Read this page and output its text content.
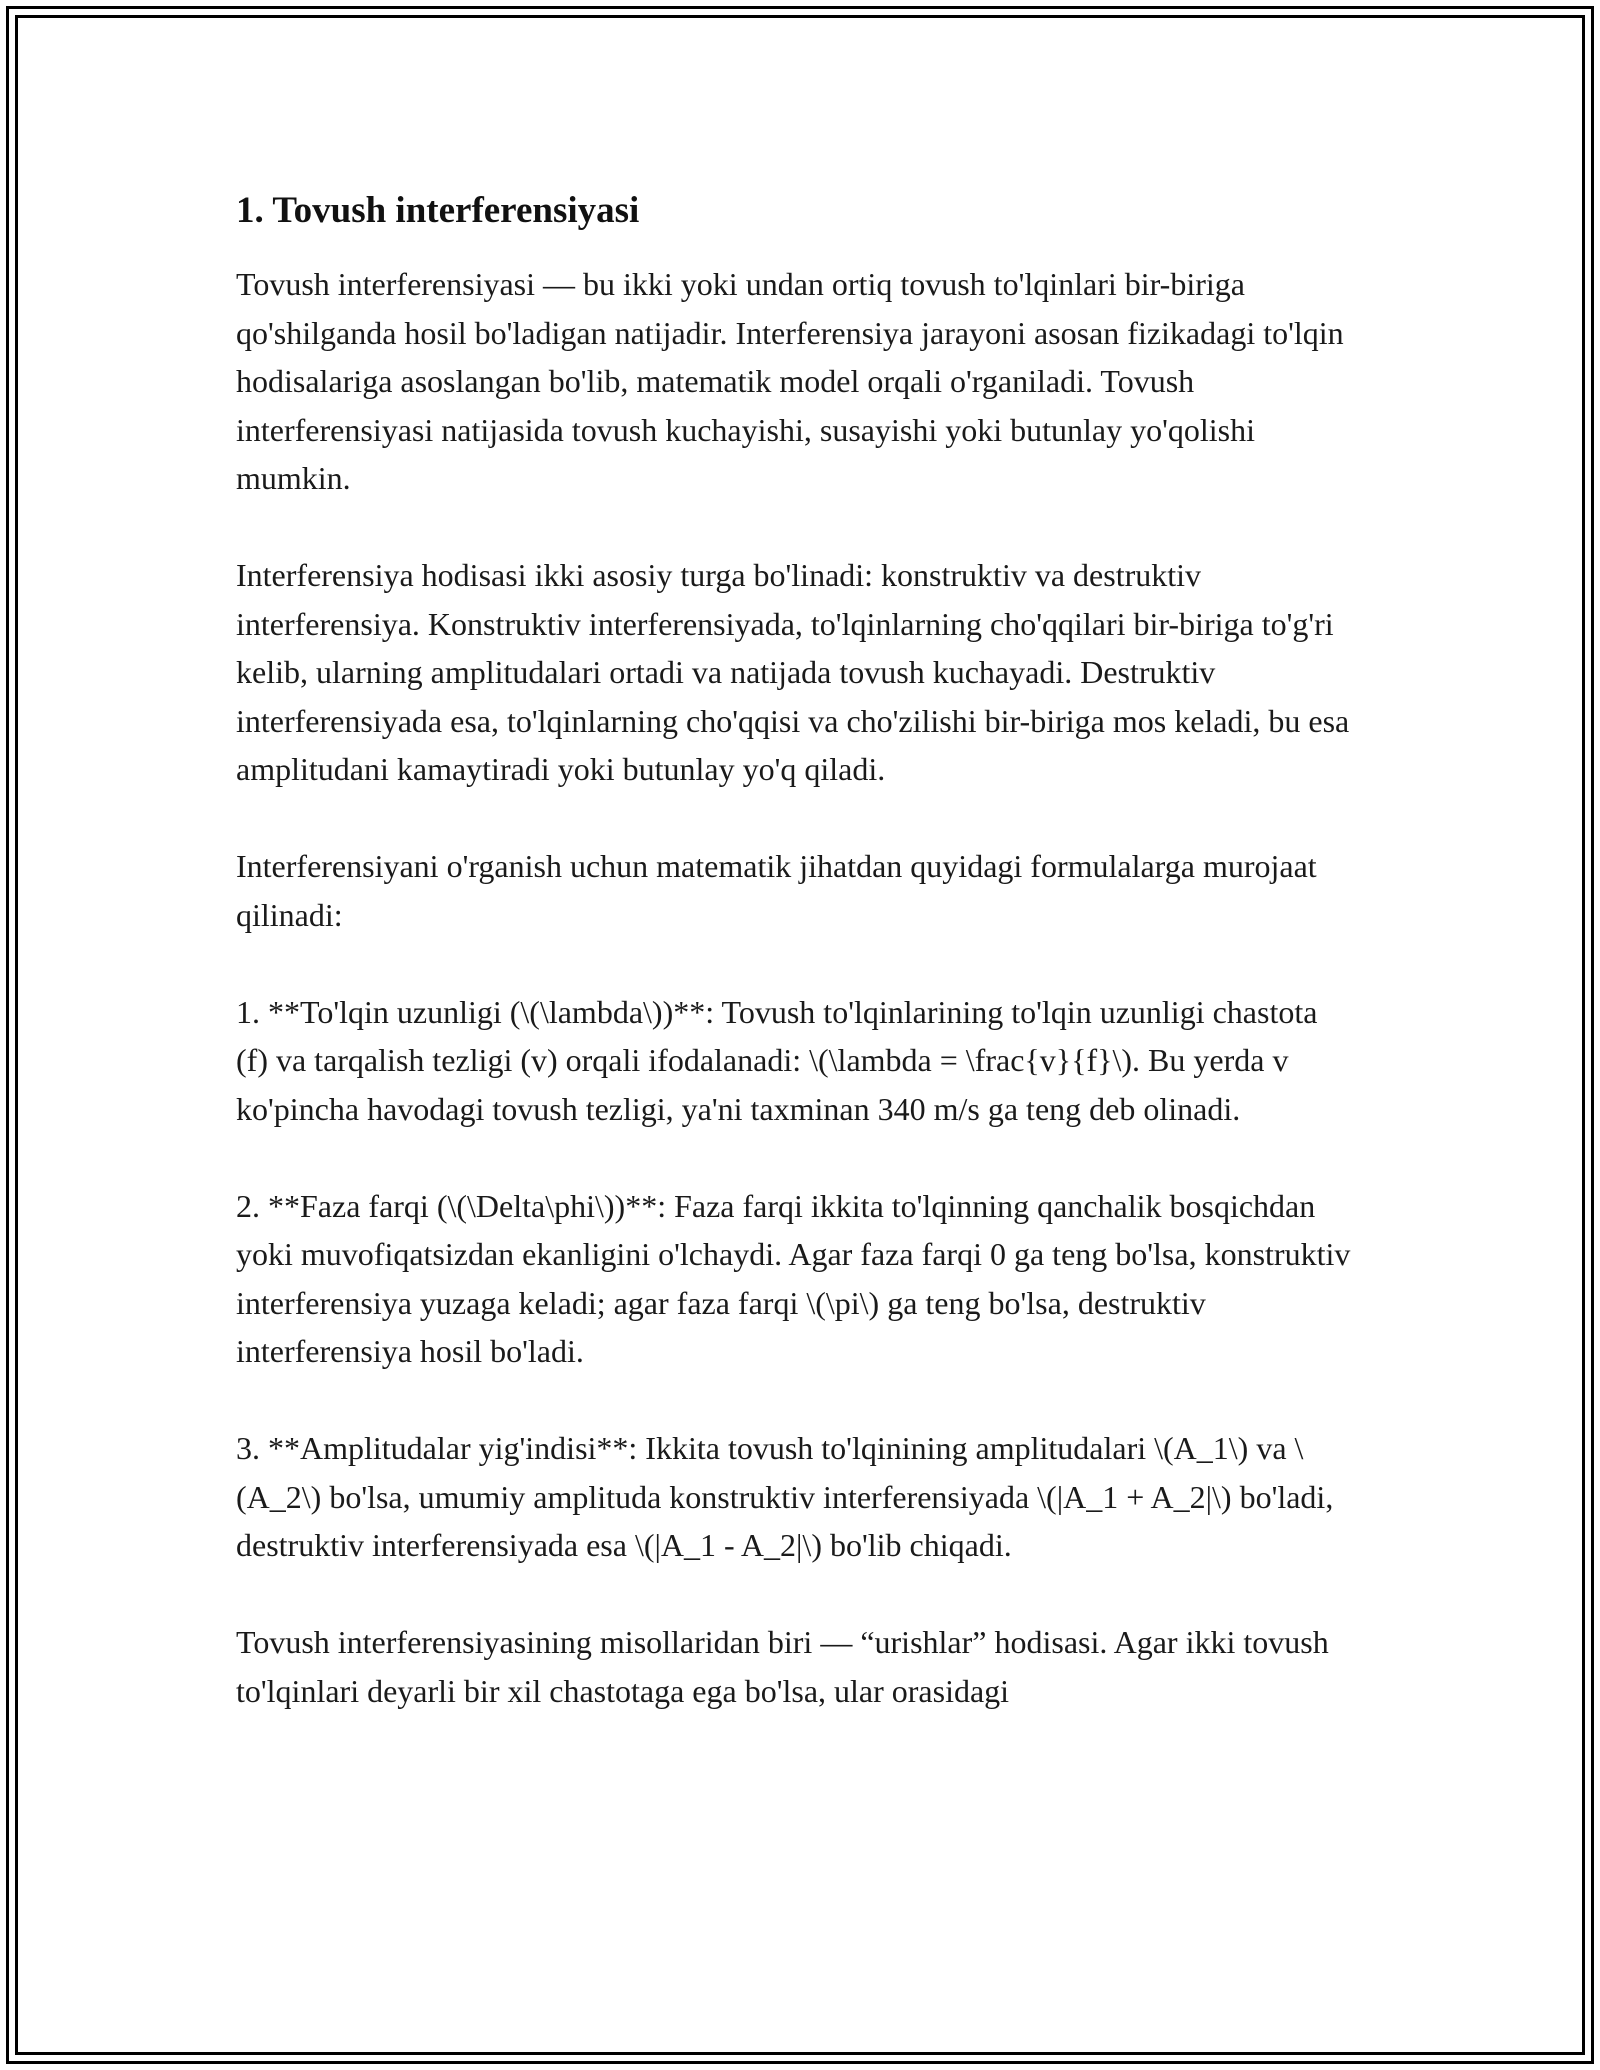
1. Tovush interferensiyasi

Tovush interferensiyasi — bu ikki yoki undan ortiq tovush to'lqinlari bir-biriga qo'shilganda hosil bo'ladigan natijadir. Interferensiya jarayoni asosan fizikadagi to'lqin hodisalariga asoslangan bo'lib, matematik model orqali o'rganiladi. Tovush interferensiyasi natijasida tovush kuchayishi, susayishi yoki butunlay yo'qolishi mumkin.

Interferensiya hodisasi ikki asosiy turga bo'linadi: konstruktiv va destruktiv interferensiya. Konstruktiv interferensiyada, to'lqinlarning cho'qqilari bir-biriga to'g'ri kelib, ularning amplitudalari ortadi va natijada tovush kuchayadi. Destruktiv interferensiyada esa, to'lqinlarning cho'qqisi va cho'zilishi bir-biriga mos keladi, bu esa amplitudani kamaytiradi yoki butunlay yo'q qiladi.

Interferensiyani o'rganish uchun matematik jihatdan quyidagi formulalarga murojaat qilinadi:

1. **To'lqin uzunligi (\(\lambda\))**: Tovush to'lqinlarining to'lqin uzunligi chastota (f) va tarqalish tezligi (v) orqali ifodalanadi: \(\lambda = \frac{v}{f}\). Bu yerda v ko'pincha havodagi tovush tezligi, ya'ni taxminan 340 m/s ga teng deb olinadi.

2. **Faza farqi (\(\Delta\phi\))**: Faza farqi ikkita to'lqinning qanchalik bosqichdan yoki muvofiqatsizdan ekanligini o'lchaydi. Agar faza farqi 0 ga teng bo'lsa, konstruktiv interferensiya yuzaga keladi; agar faza farqi \(\pi\) ga teng bo'lsa, destruktiv interferensiya hosil bo'ladi.

3. **Amplitudalar yig'indisi**: Ikkita tovush to'lqinining amplitudalari \(A_1\) va \(A_2\) bo'lsa, umumiy amplituda konstruktiv interferensiyada \(|A_1 + A_2|\) bo'ladi, destruktiv interferensiyada esa \(|A_1 - A_2|\) bo'lib chiqadi.

Tovush interferensiyasining misollaridan biri — “urishlar” hodisasi. Agar ikki tovush to'lqinlari deyarli bir xil chastotaga ega bo'lsa, ular orasidagi
